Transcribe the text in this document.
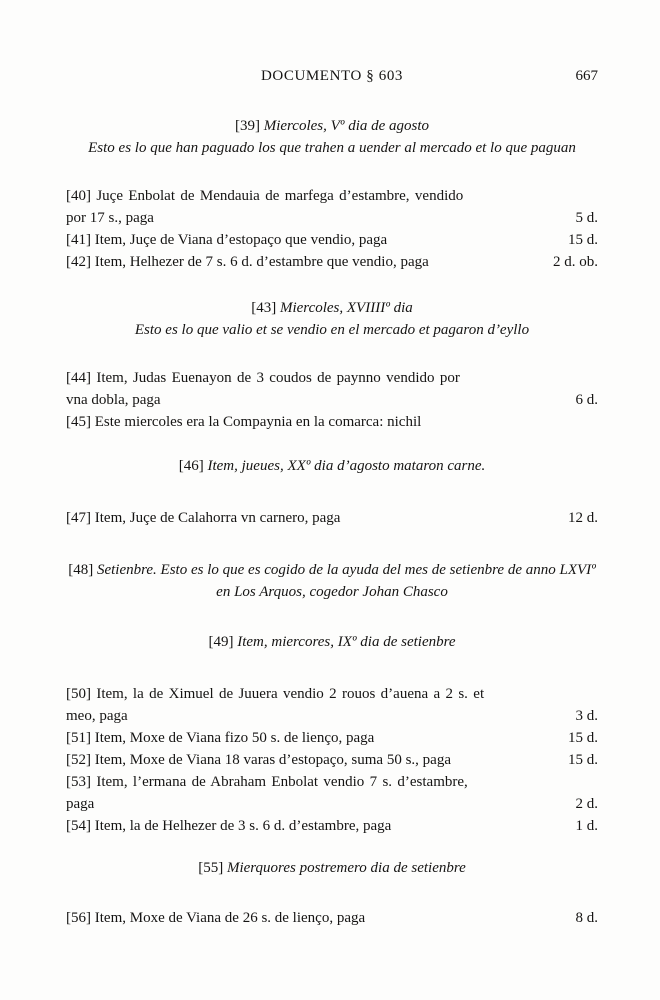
DOCUMENTO § 603	667
[39] Miercoles, Vº dia de agosto
Esto es lo que han paguado los que trahen a uender al mercado et lo que paguan
[40] Juçe Enbolat de Mendauia de marfega d’estambre, vendido
por 17 s., paga	5 d.
[41] Item, Juçe de Viana d’estopaço que vendio, paga	15 d.
[42] Item, Helhezer de 7 s. 6 d. d’estambre que vendio, paga	2 d. ob.
[43] Miercoles, XVIIIIº dia
Esto es lo que valio et se vendio en el mercado et pagaron d’eyllo
[44] Item, Judas Euenayon de 3 coudos de paynno vendido por
vna dobla, paga	6 d.
[45] Este miercoles era la Compaynia en la comarca: nichil
[46] Item, jueues, XXº dia d’agosto mataron carne.
[47] Item, Juçe de Calahorra vn carnero, paga	12 d.
[48] Setienbre. Esto es lo que es cogido de la ayuda del mes de setienbre de anno LXVIº
en Los Arquos, cogedor Johan Chasco
[49] Item, miercores, IXº dia de setienbre
[50] Item, la de Ximuel de Juuera vendio 2 rouos d’auena a 2 s. et
meo, paga	3 d.
[51] Item, Moxe de Viana fizo 50 s. de lienço, paga	15 d.
[52] Item, Moxe de Viana 18 varas d’estopaço, suma 50 s., paga	15 d.
[53] Item, l’ermana de Abraham Enbolat vendio 7 s. d’estambre,
paga	2 d.
[54] Item, la de Helhezer de 3 s. 6 d. d’estambre, paga	1 d.
[55] Mierquores postremero dia de setienbre
[56] Item, Moxe de Viana de 26 s. de lienço, paga	8 d.
